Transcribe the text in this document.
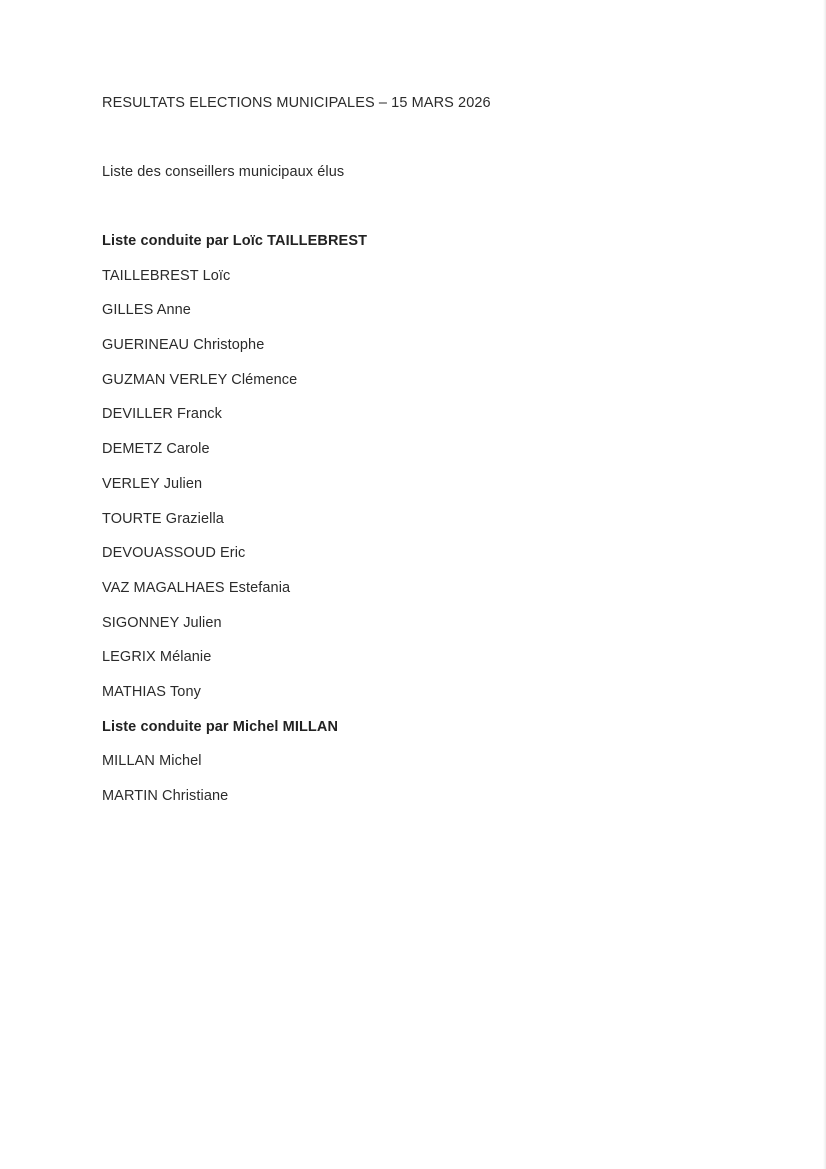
RESULTATS ELECTIONS MUNICIPALES – 15 MARS 2026

Liste des conseillers municipaux élus

Liste conduite par Loïc TAILLEBREST
TAILLEBREST Loïc
GILLES Anne
GUERINEAU Christophe
GUZMAN VERLEY Clémence
DEVILLER Franck
DEMETZ Carole
VERLEY Julien
TOURTE Graziella
DEVOUASSOUD Eric
VAZ MAGALHAES Estefania
SIGONNEY Julien
LEGRIX Mélanie
MATHIAS Tony
Liste conduite par Michel MILLAN
MILLAN Michel
MARTIN Christiane
